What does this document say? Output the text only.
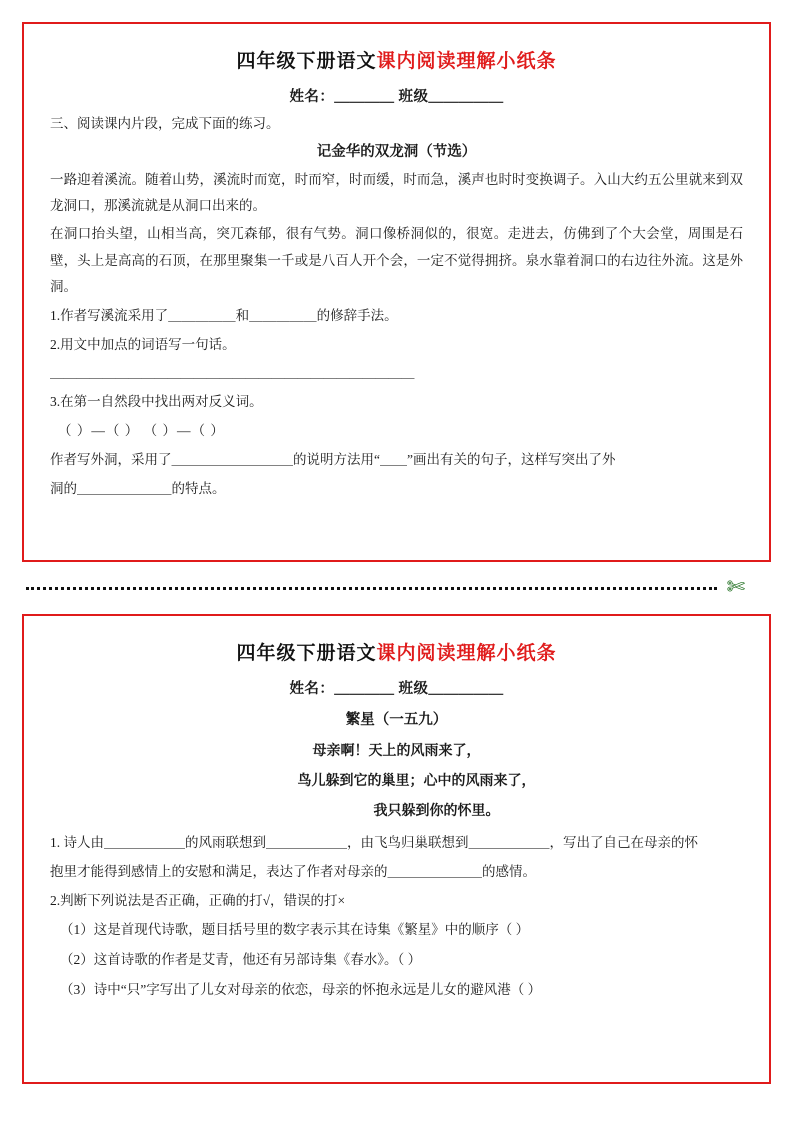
四年级下册语文课内阅读理解小纸条
姓名：＿＿＿＿ 班级＿＿＿＿＿
三、阅读课内片段，完成下面的练习。
记金华的双龙洞（节选）
一路迎着溪流。随着山势，溪流时而宽，时而窄，时而缓，时而急，溪声也时时变换调子。入山大约五公里就来到双龙洞口，那溪流就是从洞口出来的。
在洞口抬头望，山相当高，突兀森郁，很有气势。洞口像桥洞似的，很宽。走进去，仿佛到了个大会堂，周围是石壁，头上是高高的石顶，在那里聚集一千或是八百人开个会，一定不觉得拥挤。泉水靠着洞口的右边往外流。这是外洞。
1.作者写溪流采用了＿＿＿＿＿和＿＿＿＿＿的修辞手法。
2.用文中加点的词语写一句话。
＿＿＿＿＿＿＿＿＿＿＿＿＿＿＿＿＿＿＿＿＿＿＿＿＿＿＿＿
3.在第一自然段中找出两对反义词。
（ ）—（ ） （ ）—（ ）
作者写外洞，采用了＿＿＿＿＿＿＿＿＿的说明方法用“＿＿”画出有关的句子，这样写突出了外
洞的＿＿＿＿＿＿＿的特点。
✄
四年级下册语文课内阅读理解小纸条
姓名：＿＿＿＿ 班级＿＿＿＿＿
繁星（一五九）
母亲啊！天上的风雨来了，
鸟儿躲到它的巢里；心中的风雨来了，
我只躲到你的怀里。
1. 诗人由＿＿＿＿＿＿的风雨联想到＿＿＿＿＿＿，由飞鸟归巢联想到＿＿＿＿＿＿，写出了自己在母亲的怀
抱里才能得到感情上的安慰和满足，表达了作者对母亲的＿＿＿＿＿＿＿的感情。
2.判断下列说法是否正确，正确的打√，错误的打×
（1）这是首现代诗歌，题目括号里的数字表示其在诗集《繁星》中的顺序（ ）
（2）这首诗歌的作者是艾青，他还有另部诗集《春水》。（ ）
（3）诗中“只”字写出了儿女对母亲的依恋，母亲的怀抱永远是儿女的避风港（ ）
